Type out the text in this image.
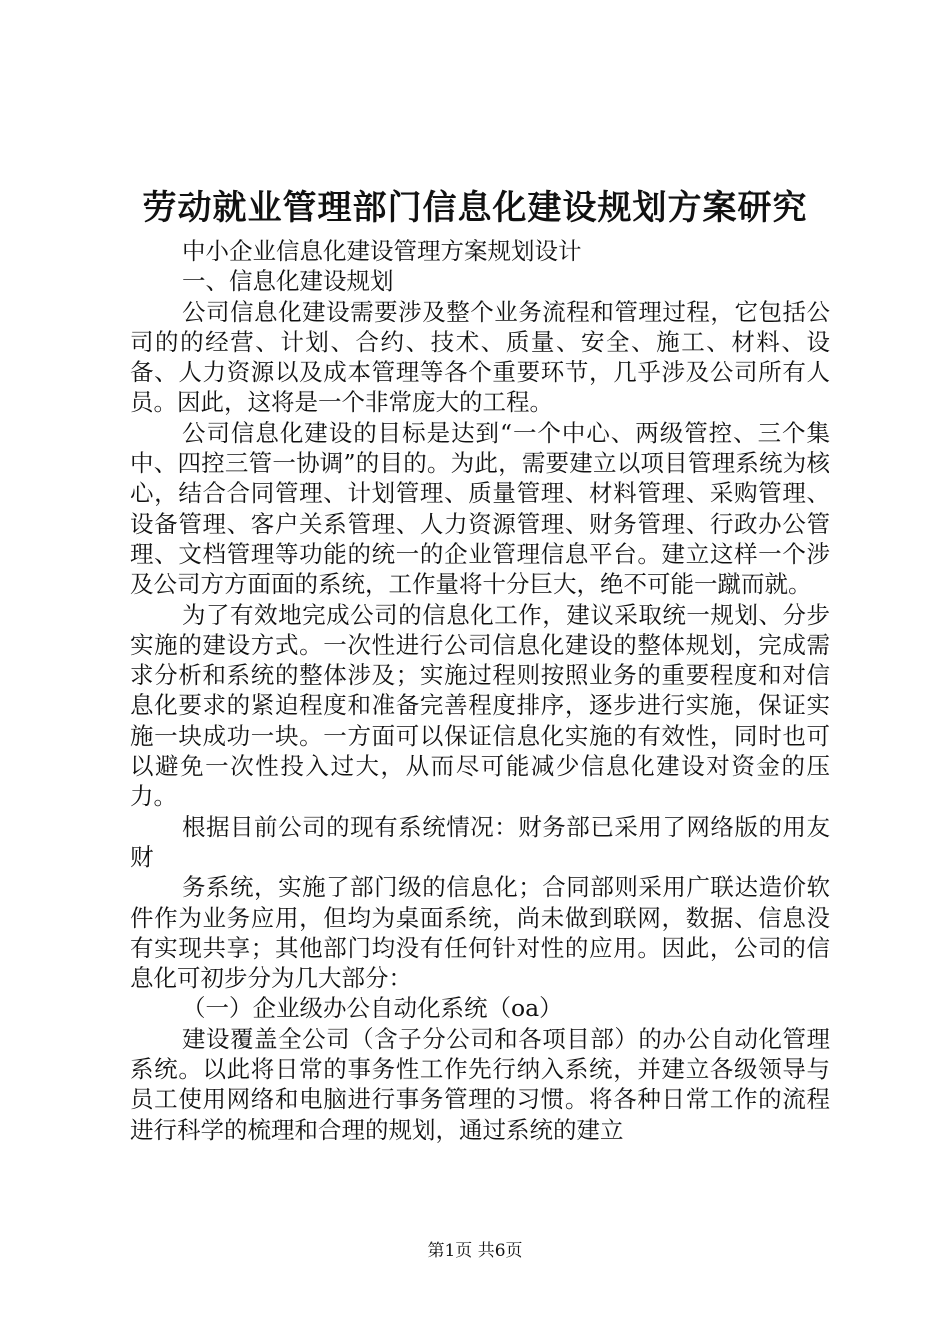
劳动就业管理部门信息化建设规划方案研究

中小企业信息化建设管理方案规划设计

一、信息化建设规划

公司信息化建设需要涉及整个业务流程和管理过程，它包括公司的的经营、计划、合约、技术、质量、安全、施工、材料、设备、人力资源以及成本管理等各个重要环节，几乎涉及公司所有人员。因此，这将是一个非常庞大的工程。

公司信息化建设的目标是达到“一个中心、两级管控、三个集中、四控三管一协调”的目的。为此，需要建立以项目管理系统为核心，结合合同管理、计划管理、质量管理、材料管理、采购管理、设备管理、客户关系管理、人力资源管理、财务管理、行政办公管理、文档管理等功能的统一的企业管理信息平台。建立这样一个涉及公司方方面面的系统，工作量将十分巨大，绝不可能一蹴而就。

为了有效地完成公司的信息化工作，建议采取统一规划、分步实施的建设方式。一次性进行公司信息化建设的整体规划，完成需求分析和系统的整体涉及；实施过程则按照业务的重要程度和对信息化要求的紧迫程度和准备完善程度排序，逐步进行实施，保证实施一块成功一块。一方面可以保证信息化实施的有效性，同时也可以避免一次性投入过大，从而尽可能减少信息化建设对资金的压力。

根据目前公司的现有系统情况：财务部已采用了网络版的用友财

务系统，实施了部门级的信息化；合同部则采用广联达造价软件作为业务应用，但均为桌面系统，尚未做到联网，数据、信息没有实现共享；其他部门均没有任何针对性的应用。因此，公司的信息化可初步分为几大部分：

（一）企业级办公自动化系统（oa）

建设覆盖全公司（含子分公司和各项目部）的办公自动化管理系统。以此将日常的事务性工作先行纳入系统，并建立各级领导与员工使用网络和电脑进行事务管理的习惯。将各种日常工作的流程进行科学的梳理和合理的规划，通过系统的建立

第1页 共6页
